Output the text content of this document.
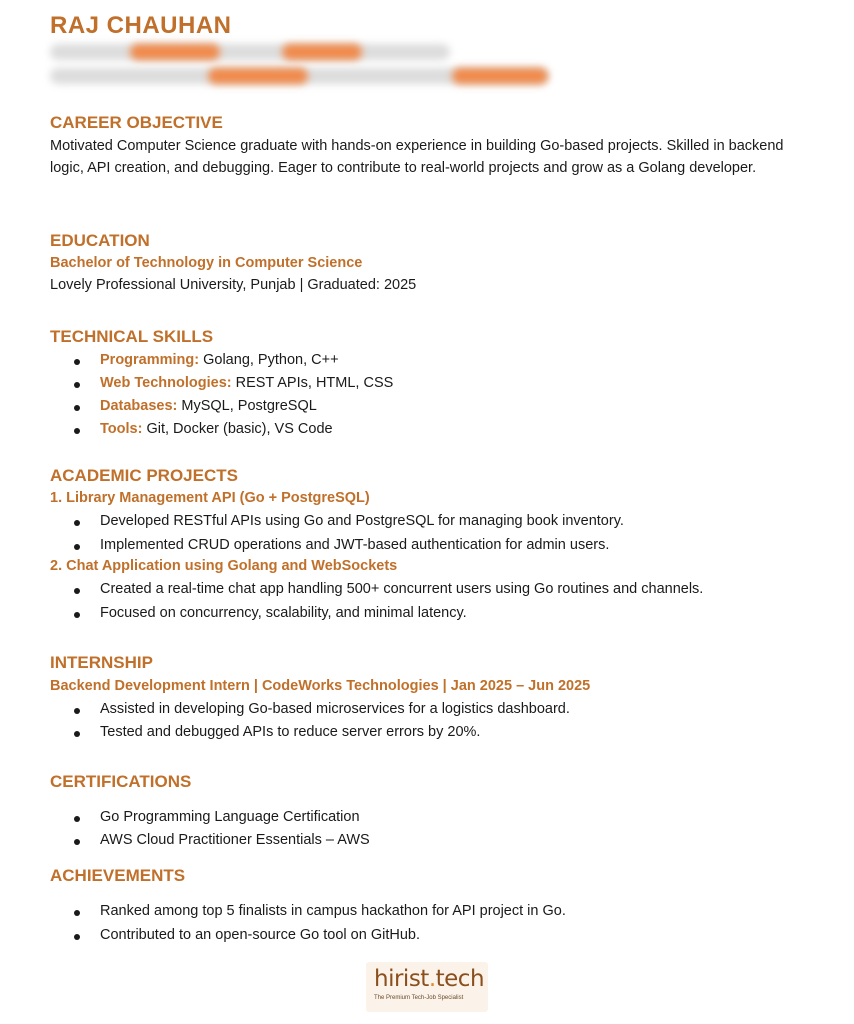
RAJ CHAUHAN
CAREER OBJECTIVE
Motivated Computer Science graduate with hands-on experience in building Go-based projects. Skilled in backend logic, API creation, and debugging. Eager to contribute to real-world projects and grow as a Golang developer.
EDUCATION
Bachelor of Technology in Computer Science
Lovely Professional University, Punjab | Graduated: 2025
TECHNICAL SKILLS
Programming: Golang, Python, C++
Web Technologies: REST APIs, HTML, CSS
Databases: MySQL, PostgreSQL
Tools: Git, Docker (basic), VS Code
ACADEMIC PROJECTS
1. Library Management API (Go + PostgreSQL)
Developed RESTful APIs using Go and PostgreSQL for managing book inventory.
Implemented CRUD operations and JWT-based authentication for admin users.
2. Chat Application using Golang and WebSockets
Created a real-time chat app handling 500+ concurrent users using Go routines and channels.
Focused on concurrency, scalability, and minimal latency.
INTERNSHIP
Backend Development Intern | CodeWorks Technologies | Jan 2025 – Jun 2025
Assisted in developing Go-based microservices for a logistics dashboard.
Tested and debugged APIs to reduce server errors by 20%.
CERTIFICATIONS
Go Programming Language Certification
AWS Cloud Practitioner Essentials – AWS
ACHIEVEMENTS
Ranked among top 5 finalists in campus hackathon for API project in Go.
Contributed to an open-source Go tool on GitHub.
hirist.tech
The Premium Tech-Job Specialist
